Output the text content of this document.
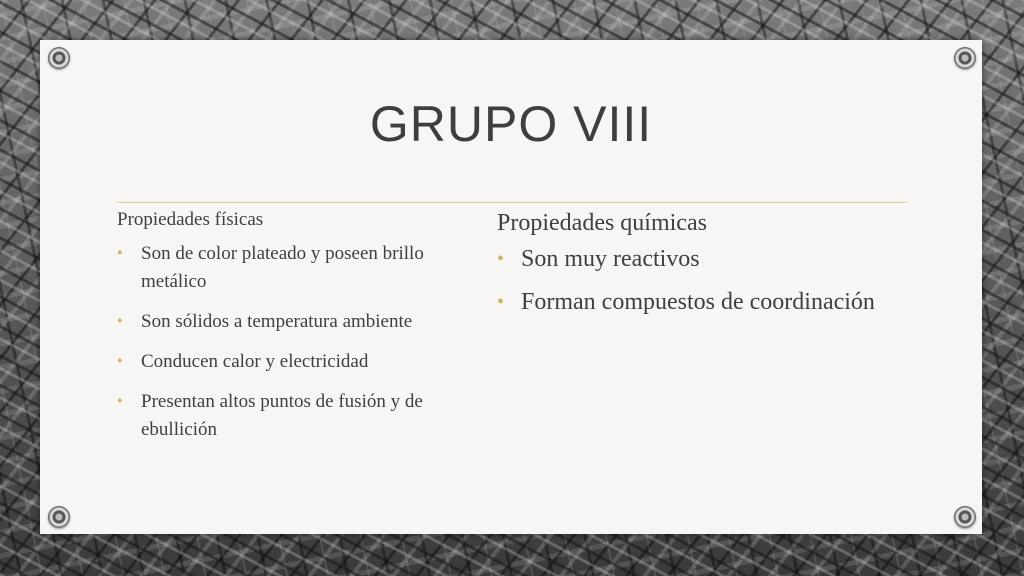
GRUPO VIII
Propiedades físicas
• Son de color plateado y poseen brillo metálico
• Son sólidos a temperatura ambiente
• Conducen calor y electricidad
• Presentan altos puntos de fusión y de ebullición
Propiedades químicas
• Son muy reactivos
• Forman compuestos de coordinación
